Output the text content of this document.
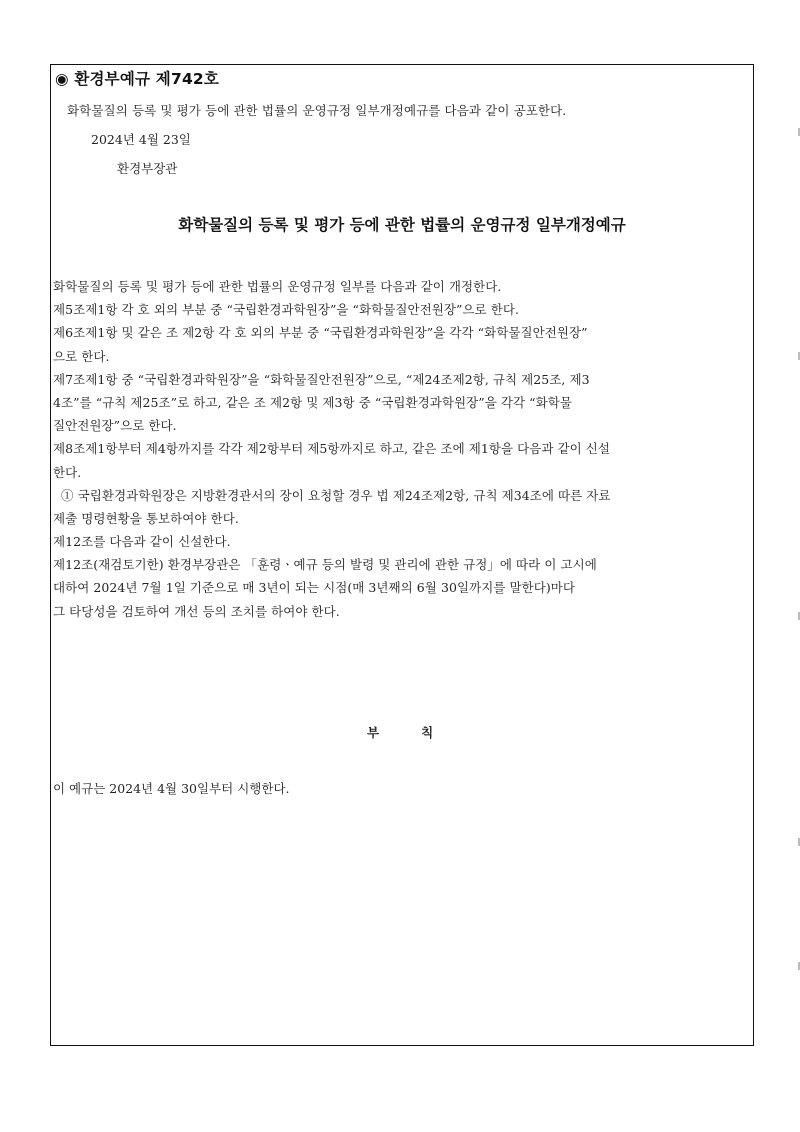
◉ 환경부예규 제742호
화학물질의 등록 및 평가 등에 관한 법률의 운영규정 일부개정예규를 다음과 같이 공포한다.
2024년 4월 23일
환경부장관
화학물질의 등록 및 평가 등에 관한 법률의 운영규정 일부개정예규
화학물질의 등록 및 평가 등에 관한 법률의 운영규정 일부를 다음과 같이 개정한다.
제5조제1항 각 호 외의 부분 중 “국립환경과학원장”을 “화학물질안전원장”으로 한다.
제6조제1항 및 같은 조 제2항 각 호 외의 부분 중 “국립환경과학원장”을 각각 “화학물질안전원장”
으로 한다.
제7조제1항 중 “국립환경과학원장”을 “화학물질안전원장”으로, “제24조제2항, 규칙 제25조, 제3
4조”를 “규칙 제25조”로 하고, 같은 조 제2항 및 제3항 중 “국립환경과학원장”을 각각 “화학물
질안전원장”으로 한다.
제8조제1항부터 제4항까지를 각각 제2항부터 제5항까지로 하고, 같은 조에 제1항을 다음과 같이 신설
한다.
① 국립환경과학원장은 지방환경관서의 장이 요청할 경우 법 제24조제2항, 규칙 제34조에 따른 자료
제출 명령현황을 통보하여야 한다.
제12조를 다음과 같이 신설한다.
제12조(재검토기한) 환경부장관은 「훈령ㆍ예규 등의 발령 및 관리에 관한 규정」에 따라 이 고시에
대하여 2024년 7월 1일 기준으로 매 3년이 되는 시점(매 3년째의 6월 30일까지를 말한다)마다
그 타당성을 검토하여 개선 등의 조치를 하여야 한다.
부칙
이 예규는 2024년 4월 30일부터 시행한다.
